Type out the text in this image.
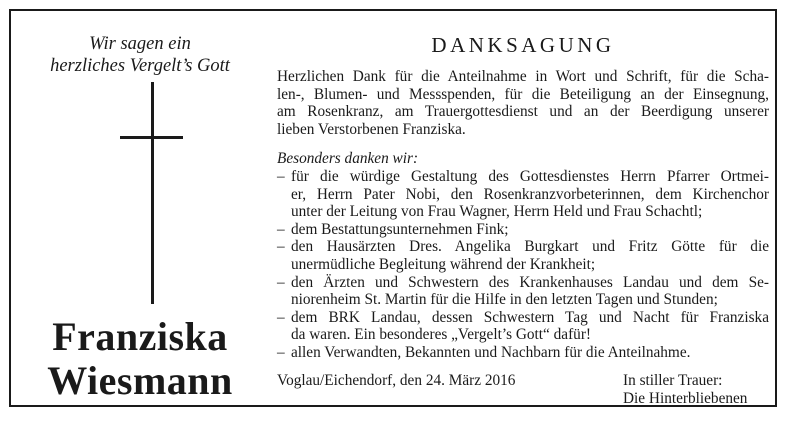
Wir sagen ein
herzliches Vergelt’s Gott
Franziska
Wiesmann
DANKSAGUNG
Herzlichen Dank für die Anteilnahme in Wort und Schrift, für die Scha-
len-, Blumen- und Messspenden, für die Beteiligung an der Einsegnung,
am Rosenkranz, am Trauergottesdienst und an der Beerdigung unserer
lieben Verstorbenen Franziska.
Besonders danken wir:
– für die würdige Gestaltung des Gottesdienstes Herrn Pfarrer Ortmei-
er, Herrn Pater Nobi, den Rosenkranzvorbeterinnen, dem Kirchenchor
unter der Leitung von Frau Wagner, Herrn Held und Frau Schachtl;
– dem Bestattungsunternehmen Fink;
– den Hausärzten Dres. Angelika Burgkart und Fritz Götte für die
unermüdliche Begleitung während der Krankheit;
– den Ärzten und Schwestern des Krankenhauses Landau und dem Se-
niorenheim St. Martin für die Hilfe in den letzten Tagen und Stunden;
– dem BRK Landau, dessen Schwestern Tag und Nacht für Franziska
da waren. Ein besonderes „Vergelt’s Gott“ dafür!
– allen Verwandten, Bekannten und Nachbarn für die Anteilnahme.
Voglau/Eichendorf, den 24. März 2016	In stiller Trauer:
Die Hinterbliebenen
